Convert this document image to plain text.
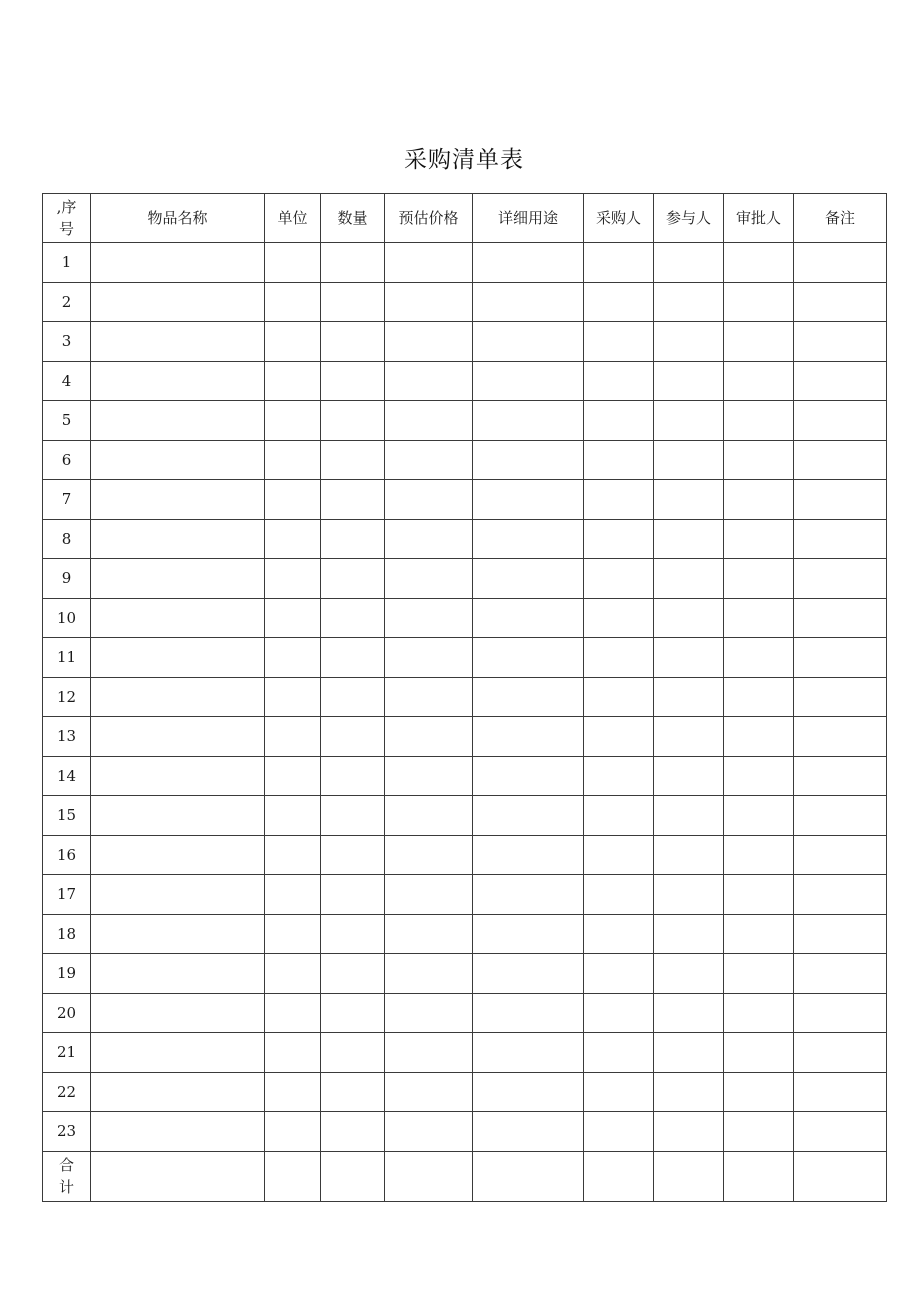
采购清单表
,序号	物品名称	单位	数量	预估价格	详细用途	采购人	参与人	审批人	备注
1									
2									
3									
4									
5									
6									
7									
8									
9									
10									
11									
12									
13									
14									
15									
16									
17									
18									
19									
20									
21									
22									
23									
合计									
